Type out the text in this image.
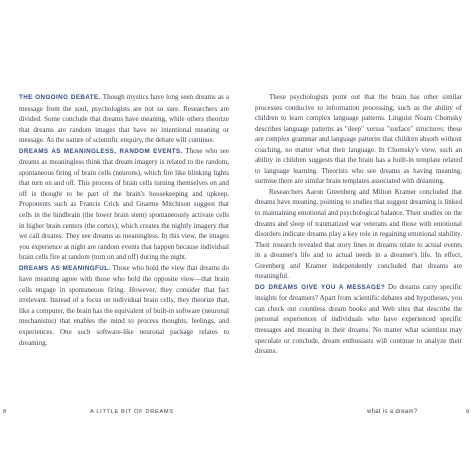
THE ONGOING DEBATE. Though mystics have long seen dreams as a message from the soul, psychologists are not so sure. Researchers are divided. Some conclude that dreams have meaning, while others theorize that dreams are random images that have no intentional meaning or message. As the nature of scientific enquiry, the debate will continue.

DREAMS AS MEANINGLESS, RANDOM EVENTS. Those who see dreams as meaningless think that dream imagery is related to the random, spontaneous firing of brain cells (neurons), which fire like blinking lights that turn on and off. This process of brain cells turning themselves on and off is thought to be part of the brain's housekeeping and upkeep. Proponents such as Francis Crick and Graeme Mitchison suggest that cells in the hindbrain (the lower brain stem) spontaneously activate cells in higher brain centers (the cortex), which creates the nightly imagery that we call dreams. They see dreams as meaningless. In this view, the images you experience at night are random events that happen because individual brain cells fire at random (turn on and off) during the night.

DREAMS AS MEANINGFUL. Those who hold the view that dreams do have meaning agree with those who hold the opposite view—that brain cells engage in spontaneous firing. However, they consider that fact irrelevant. Instead of a focus on individual brain cells, they theorize that, like a computer, the brain has the equivalent of built-in software (neuronal mechanisms) that enables the mind to process thoughts, feelings, and experiences. One such software-like neuronal package relates to dreaming.

8	A LITTLE BIT OF DREAMS

These psychologists point out that the brain has other similar processes conducive to information processing, such as the ability of children to learn complex language patterns. Linguist Noam Chomsky describes language patterns as "deep" versus "surface" structures; these are complex grammar and language patterns that children absorb without coaching, no matter what their language. In Chomsky's view, such an ability in children suggests that the brain has a built-in template related to language learning. Theorists who see dreams as having meaning, surmise there are similar brain templates associated with dreaming.

Researchers Aaron Greenberg and Milton Kramer concluded that dreams have meaning, pointing to studies that suggest dreaming is linked to maintaining emotional and psychological balance. Their studies on the dreams and sleep of traumatized war veterans and those with emotional disorders indicate dreams play a key role in regaining emotional stability. Their research revealed that story lines in dreams relate to actual events in a dreamer's life and to actual needs in a dreamer's life. In effect, Greenberg and Kramer independently concluded that dreams are meaningful.

DO DREAMS GIVE YOU A MESSAGE? Do dreams carry specific insights for dreamers? Apart from scientific debates and hypotheses, you can check out countless dream books and Web sites that describe the personal experiences of individuals who have experienced specific messages and meaning in their dreams. No matter what scientists may speculate or conclude, dream enthusiasts will continue to analyze their dreams.

what is a dream?	9
